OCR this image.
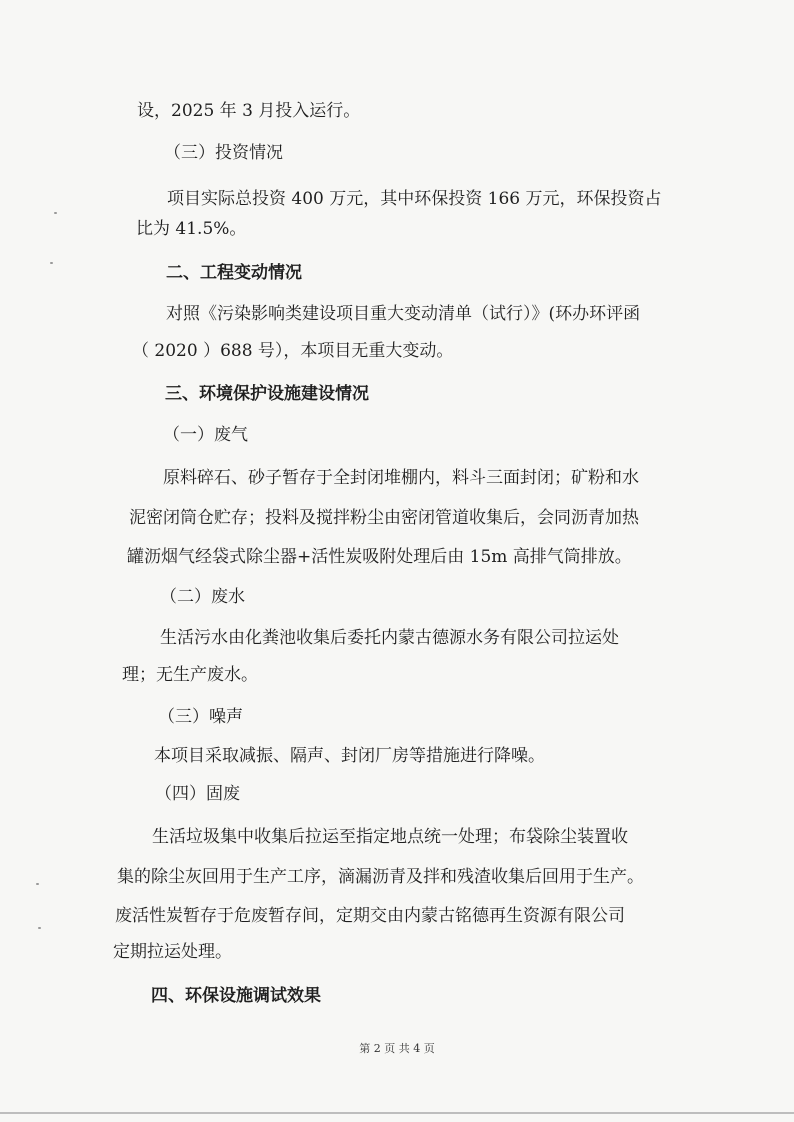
设，2025 年 3 月投入运行。
（三）投资情况
项目实际总投资 400 万元，其中环保投资 166 万元，环保投资占
比为 41.5%。
二、工程变动情况
对照《污染影响类建设项目重大变动清单（试行）》(环办环评函
（ 2020 ）688 号），本项目无重大变动。
三、环境保护设施建设情况
（一）废气
原料碎石、砂子暂存于全封闭堆棚内，料斗三面封闭；矿粉和水
泥密闭筒仓贮存；投料及搅拌粉尘由密闭管道收集后，会同沥青加热
罐沥烟气经袋式除尘器+活性炭吸附处理后由 15m 高排气筒排放。
（二）废水
生活污水由化粪池收集后委托内蒙古德源水务有限公司拉运处
理；无生产废水。
（三）噪声
本项目采取减振、隔声、封闭厂房等措施进行降噪。
（四）固废
生活垃圾集中收集后拉运至指定地点统一处理；布袋除尘装置收
集的除尘灰回用于生产工序，滴漏沥青及拌和残渣收集后回用于生产。
废活性炭暂存于危废暂存间，定期交由内蒙古铭德再生资源有限公司
定期拉运处理。
四、环保设施调试效果
第 2 页 共 4 页
